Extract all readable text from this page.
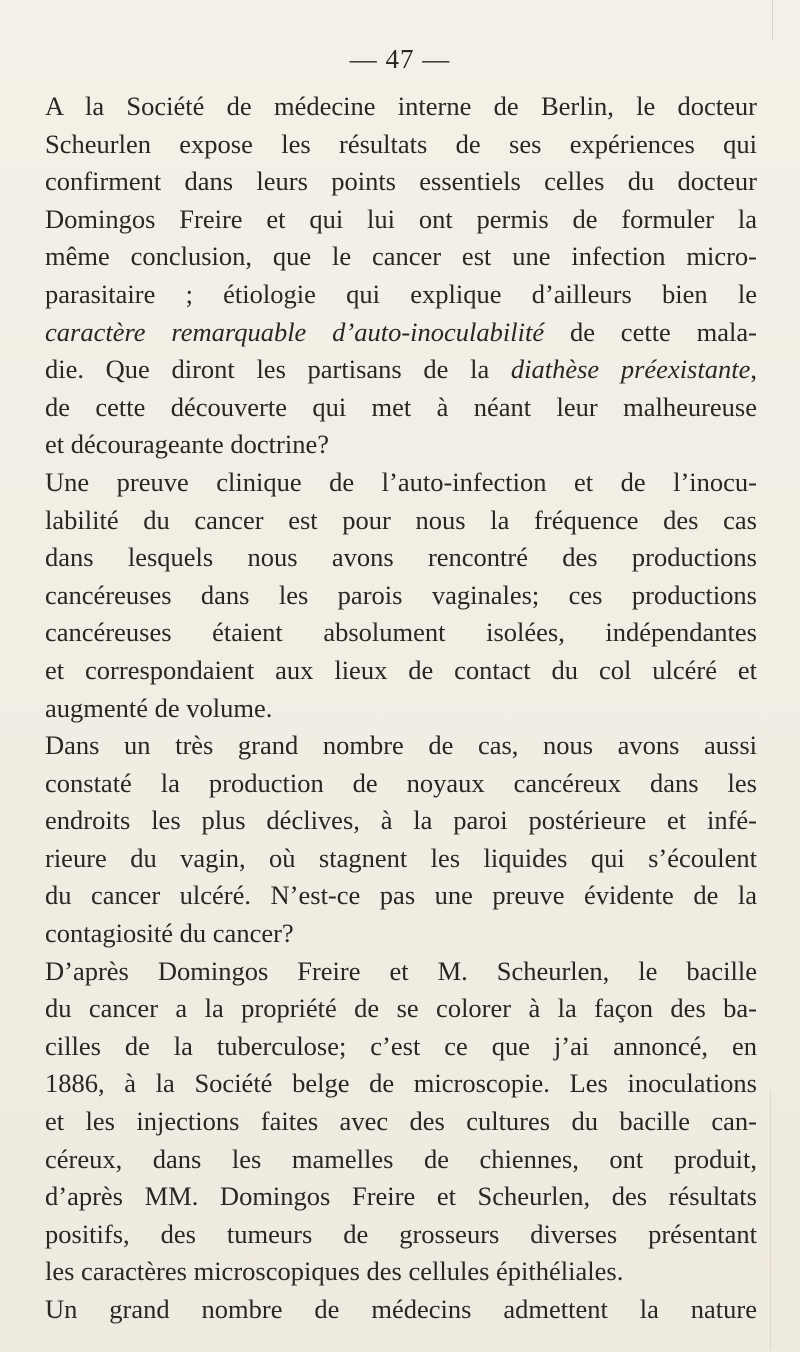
— 47 —
A la Société de médecine interne de Berlin, le docteur
Scheurlen expose les résultats de ses expériences qui
confirment dans leurs points essentiels celles du docteur
Domingos Freire et qui lui ont permis de formuler la
même conclusion, que le cancer est une infection micro-
parasitaire ; étiologie qui explique d’ailleurs bien le
caractère remarquable d’auto-inoculabilité de cette mala-
die. Que diront les partisans de la diathèse préexistante,
de cette découverte qui met à néant leur malheureuse
et décourageante doctrine?
Une preuve clinique de l’auto-infection et de l’inocu-
labilité du cancer est pour nous la fréquence des cas
dans lesquels nous avons rencontré des productions
cancéreuses dans les parois vaginales; ces productions
cancéreuses étaient absolument isolées, indépendantes
et correspondaient aux lieux de contact du col ulcéré et
augmenté de volume.
Dans un très grand nombre de cas, nous avons aussi
constaté la production de noyaux cancéreux dans les
endroits les plus déclives, à la paroi postérieure et infé-
rieure du vagin, où stagnent les liquides qui s’écoulent
du cancer ulcéré. N’est-ce pas une preuve évidente de la
contagiosité du cancer?
D’après Domingos Freire et M. Scheurlen, le bacille
du cancer a la propriété de se colorer à la façon des ba-
cilles de la tuberculose; c’est ce que j’ai annoncé, en
1886, à la Société belge de microscopie. Les inoculations
et les injections faites avec des cultures du bacille can-
céreux, dans les mamelles de chiennes, ont produit,
d’après MM. Domingos Freire et Scheurlen, des résultats
positifs, des tumeurs de grosseurs diverses présentant
les caractères microscopiques des cellules épithéliales.
Un grand nombre de médecins admettent la nature
